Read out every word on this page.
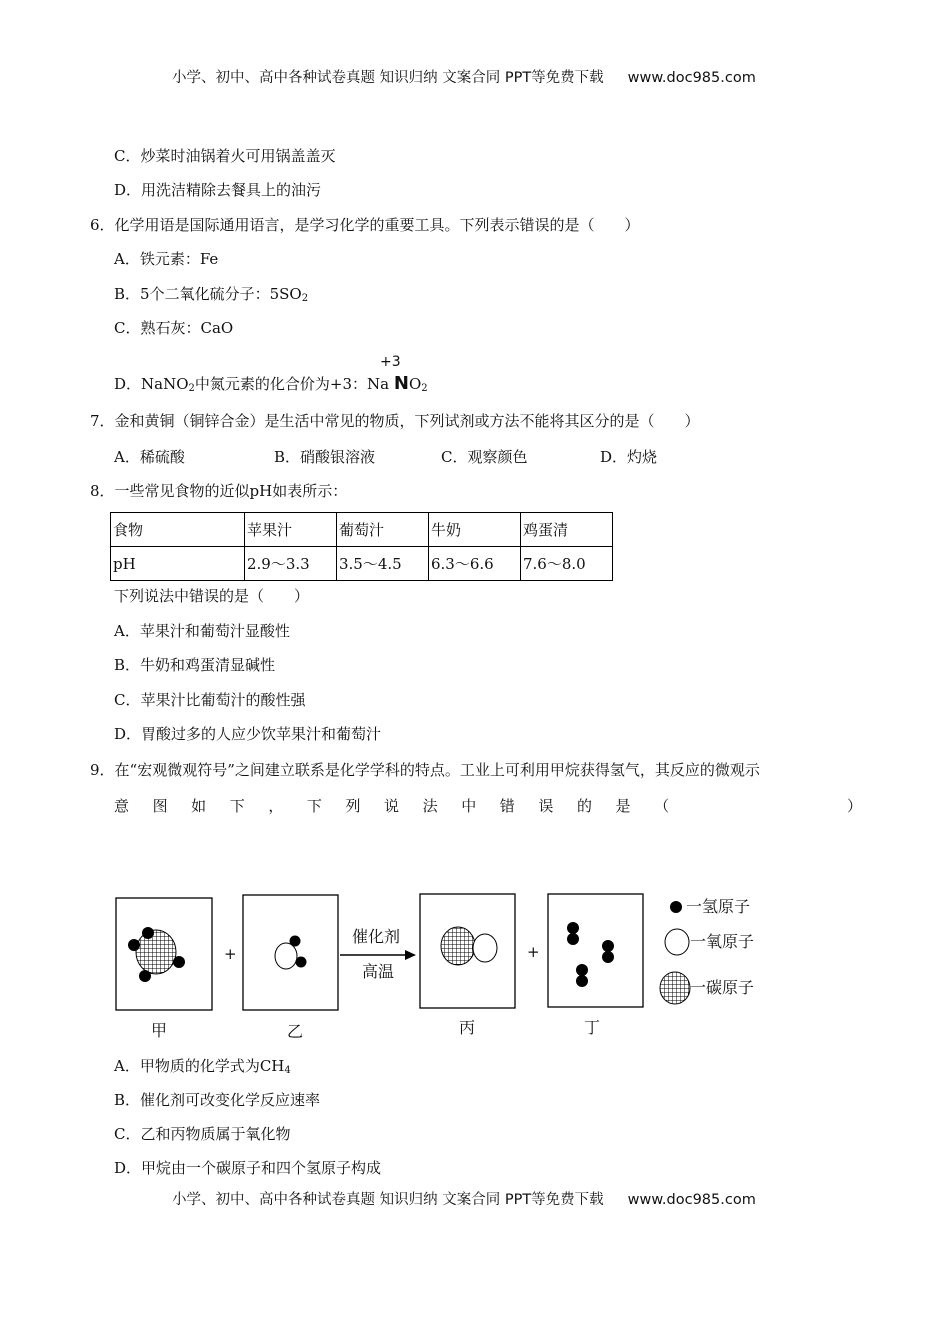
小学、初中、高中各种试卷真题 知识归纳 文案合同 PPT等免费下载 www.doc985.com
C．炒菜时油锅着火可用锅盖盖灭
D．用洗洁精除去餐具上的油污
6．化学用语是国际通用语言，是学习化学的重要工具。下列表示错误的是（　　）
A．铁元素：Fe
B．5个二氧化硫分子：$5SO_2$
C．熟石灰：CaO
+3
D．NaNO$_2$中氮元素的化合价为+3：Na $NO_2$
7．金和黄铜（铜锌合金）是生活中常见的物质，下列试剂或方法不能将其区分的是（　　）
A．稀硫酸	B．硝酸银溶液	C．观察颜色	D．灼烧
8．一些常见食物的近似pH如表所示：
食物	苹果汁	葡萄汁	牛奶	鸡蛋清
pH	2.9～3.3	3.5～4.5	6.3～6.6	7.6～8.0
下列说法中错误的是（　　）
A．苹果汁和葡萄汁显酸性
B．牛奶和鸡蛋清显碱性
C．苹果汁比葡萄汁的酸性强
D．胃酸过多的人应少饮苹果汁和葡萄汁
9．在“宏观微观符号”之间建立联系是化学学科的特点。工业上可利用甲烷获得氢气，其反应的微观示
意图如下，下列说法中错误的是（　　　　）
+	+
催化剂
高温
甲	乙	丙	丁
一氢原子
一氧原子
一碳原子
A．甲物质的化学式为$CH_4$
B．催化剂可改变化学反应速率
C．乙和丙物质属于氧化物
D．甲烷由一个碳原子和四个氢原子构成
小学、初中、高中各种试卷真题 知识归纳 文案合同 PPT等免费下载 www.doc985.com
